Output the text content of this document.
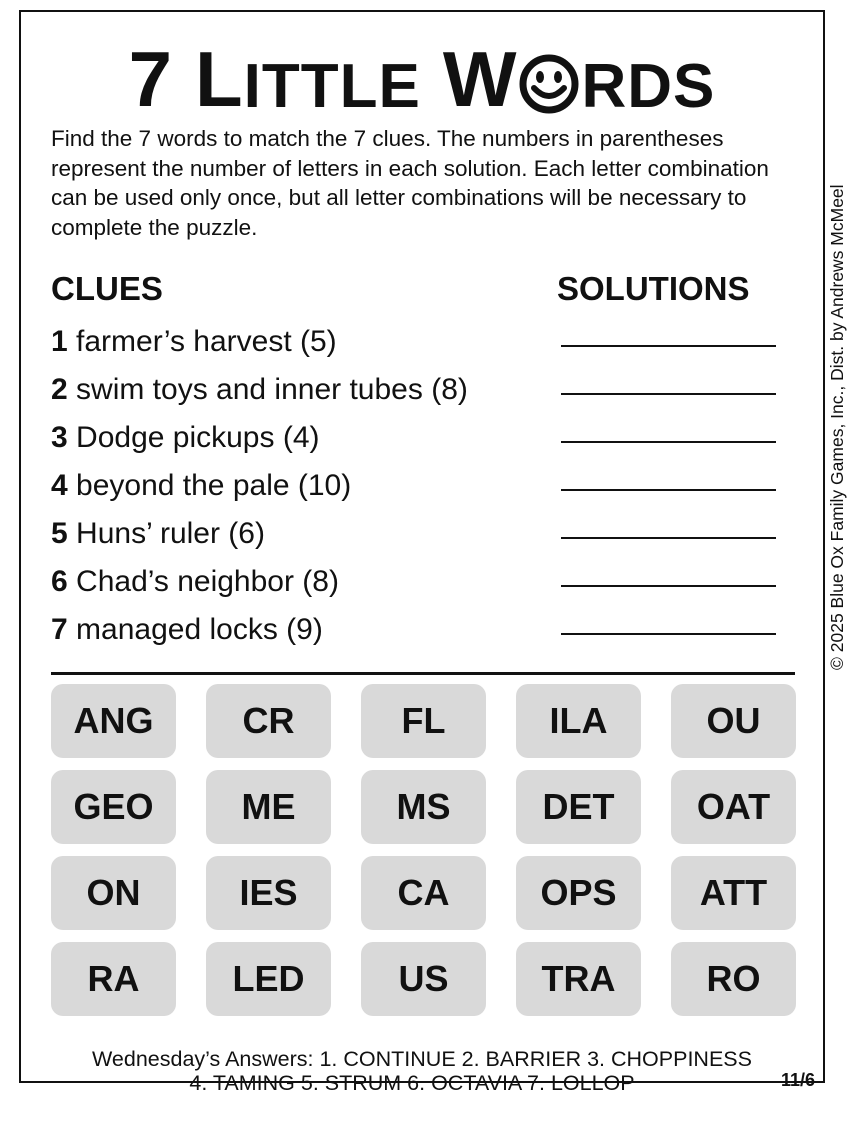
7 L ITTLE W RDS

Find the 7 words to match the 7 clues. The numbers in parentheses represent the number of letters in each solution. Each letter combination can be used only once, but all letter combinations will be necessary to complete the puzzle.	© 2025 Blue Ox Family Games, Inc., Dist. by Andrews McMeel
CLUES	SOLUTIONS
1 farmer’s harvest (5)
2 swim toys and inner tubes (8)
3 Dodge pickups (4)
4 beyond the pale (10)
5 Huns’ ruler (6)
6 Chad’s neighbor (8)
7 managed locks (9)
ANG	CR	FL	ILA	OU
GEO	ME	MS	DET	OAT
ON	IES	CA	OPS	ATT
RA	LED	US	TRA	RO
Wednesday’s Answers: 1. CONTINUE 2. BARRIER 3. CHOPPINESS
4. TAMING 5. STRUM 6. OCTAVIA 7. LOLLOP	11/6
